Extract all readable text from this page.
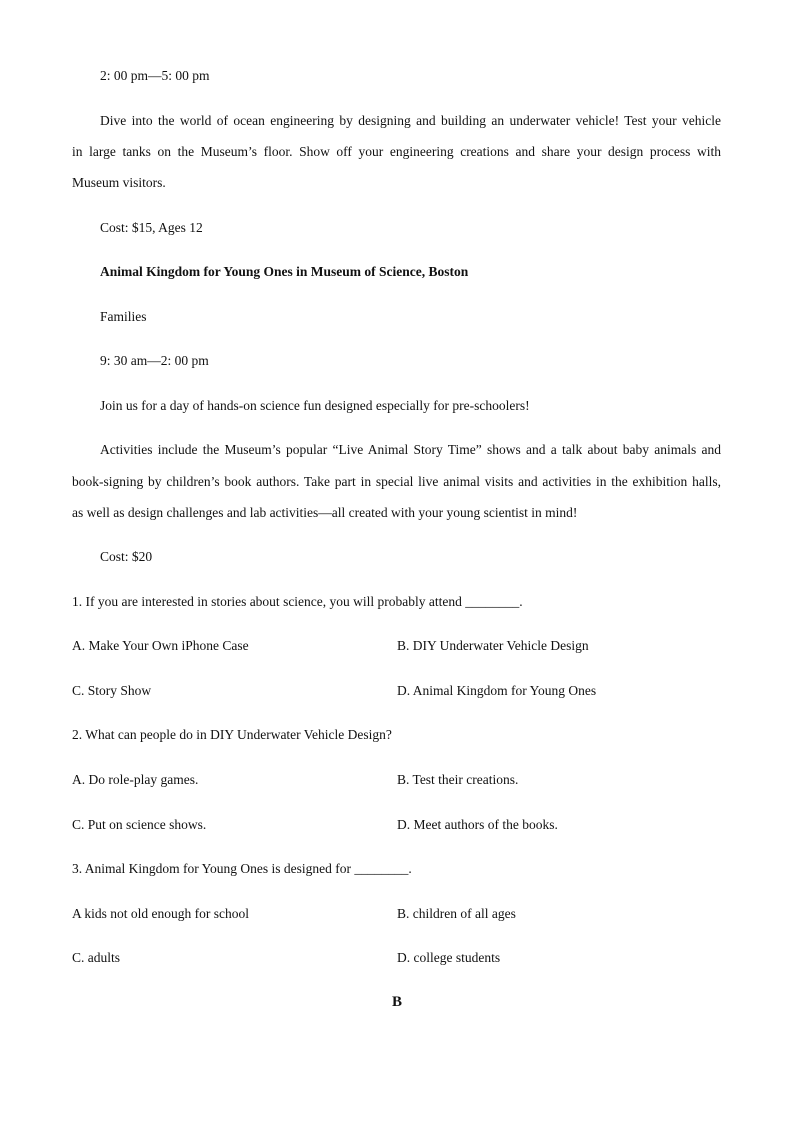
2: 00 pm—5: 00 pm
Dive into the world of ocean engineering by designing and building an underwater vehicle! Test your vehicle
in large tanks on the Museum’s floor. Show off your engineering creations and share your design process with
Museum visitors.
Cost: $15, Ages 12
Animal Kingdom for Young Ones in Museum of Science, Boston
Families
9: 30 am—2: 00 pm
Join us for a day of hands-on science fun designed especially for pre-schoolers!
Activities include the Museum’s popular “Live Animal Story Time” shows and a talk about baby animals and
book-signing by children’s book authors. Take part in special live animal visits and activities in the exhibition halls,
as well as design challenges and lab activities—all created with your young scientist in mind!
Cost: $20
1. If you are interested in stories about science, you will probably attend ________.
A. Make Your Own iPhone Case	B. DIY Underwater Vehicle Design
C. Story Show	D. Animal Kingdom for Young Ones
2. What can people do in DIY Underwater Vehicle Design?
A. Do role-play games.	B. Test their creations.
C. Put on science shows.	D. Meet authors of the books.
3. Animal Kingdom for Young Ones is designed for ________.
A kids not old enough for school	B. children of all ages
C. adults	D. college students
B
